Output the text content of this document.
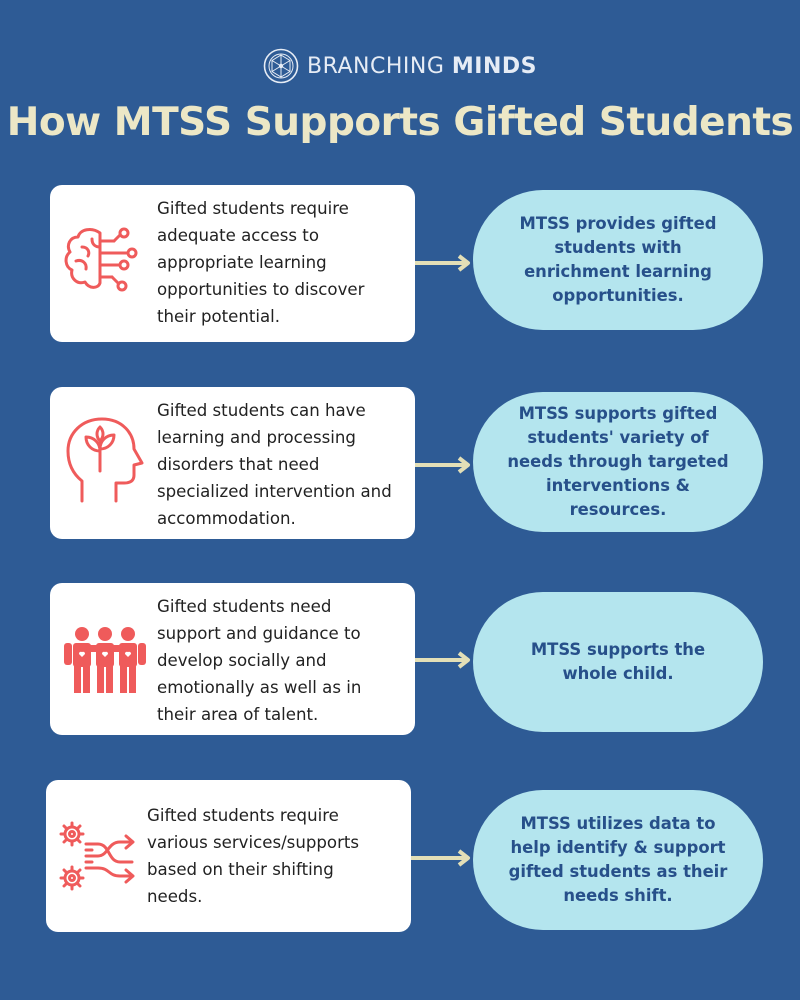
BRANCHING MINDS
How MTSS Supports Gifted Students

Gifted students require adequate access to appropriate learning opportunities to discover their potential.

MTSS provides gifted students with enrichment learning opportunities.

Gifted students can have learning and processing disorders that need specialized intervention and accommodation.

MTSS supports gifted students' variety of needs through targeted interventions & resources.

Gifted students need support and guidance to develop socially and emotionally as well as in their area of talent.

MTSS supports the whole child.

Gifted students require various services/supports based on their shifting needs.

MTSS utilizes data to help identify & support gifted students as their needs shift.
